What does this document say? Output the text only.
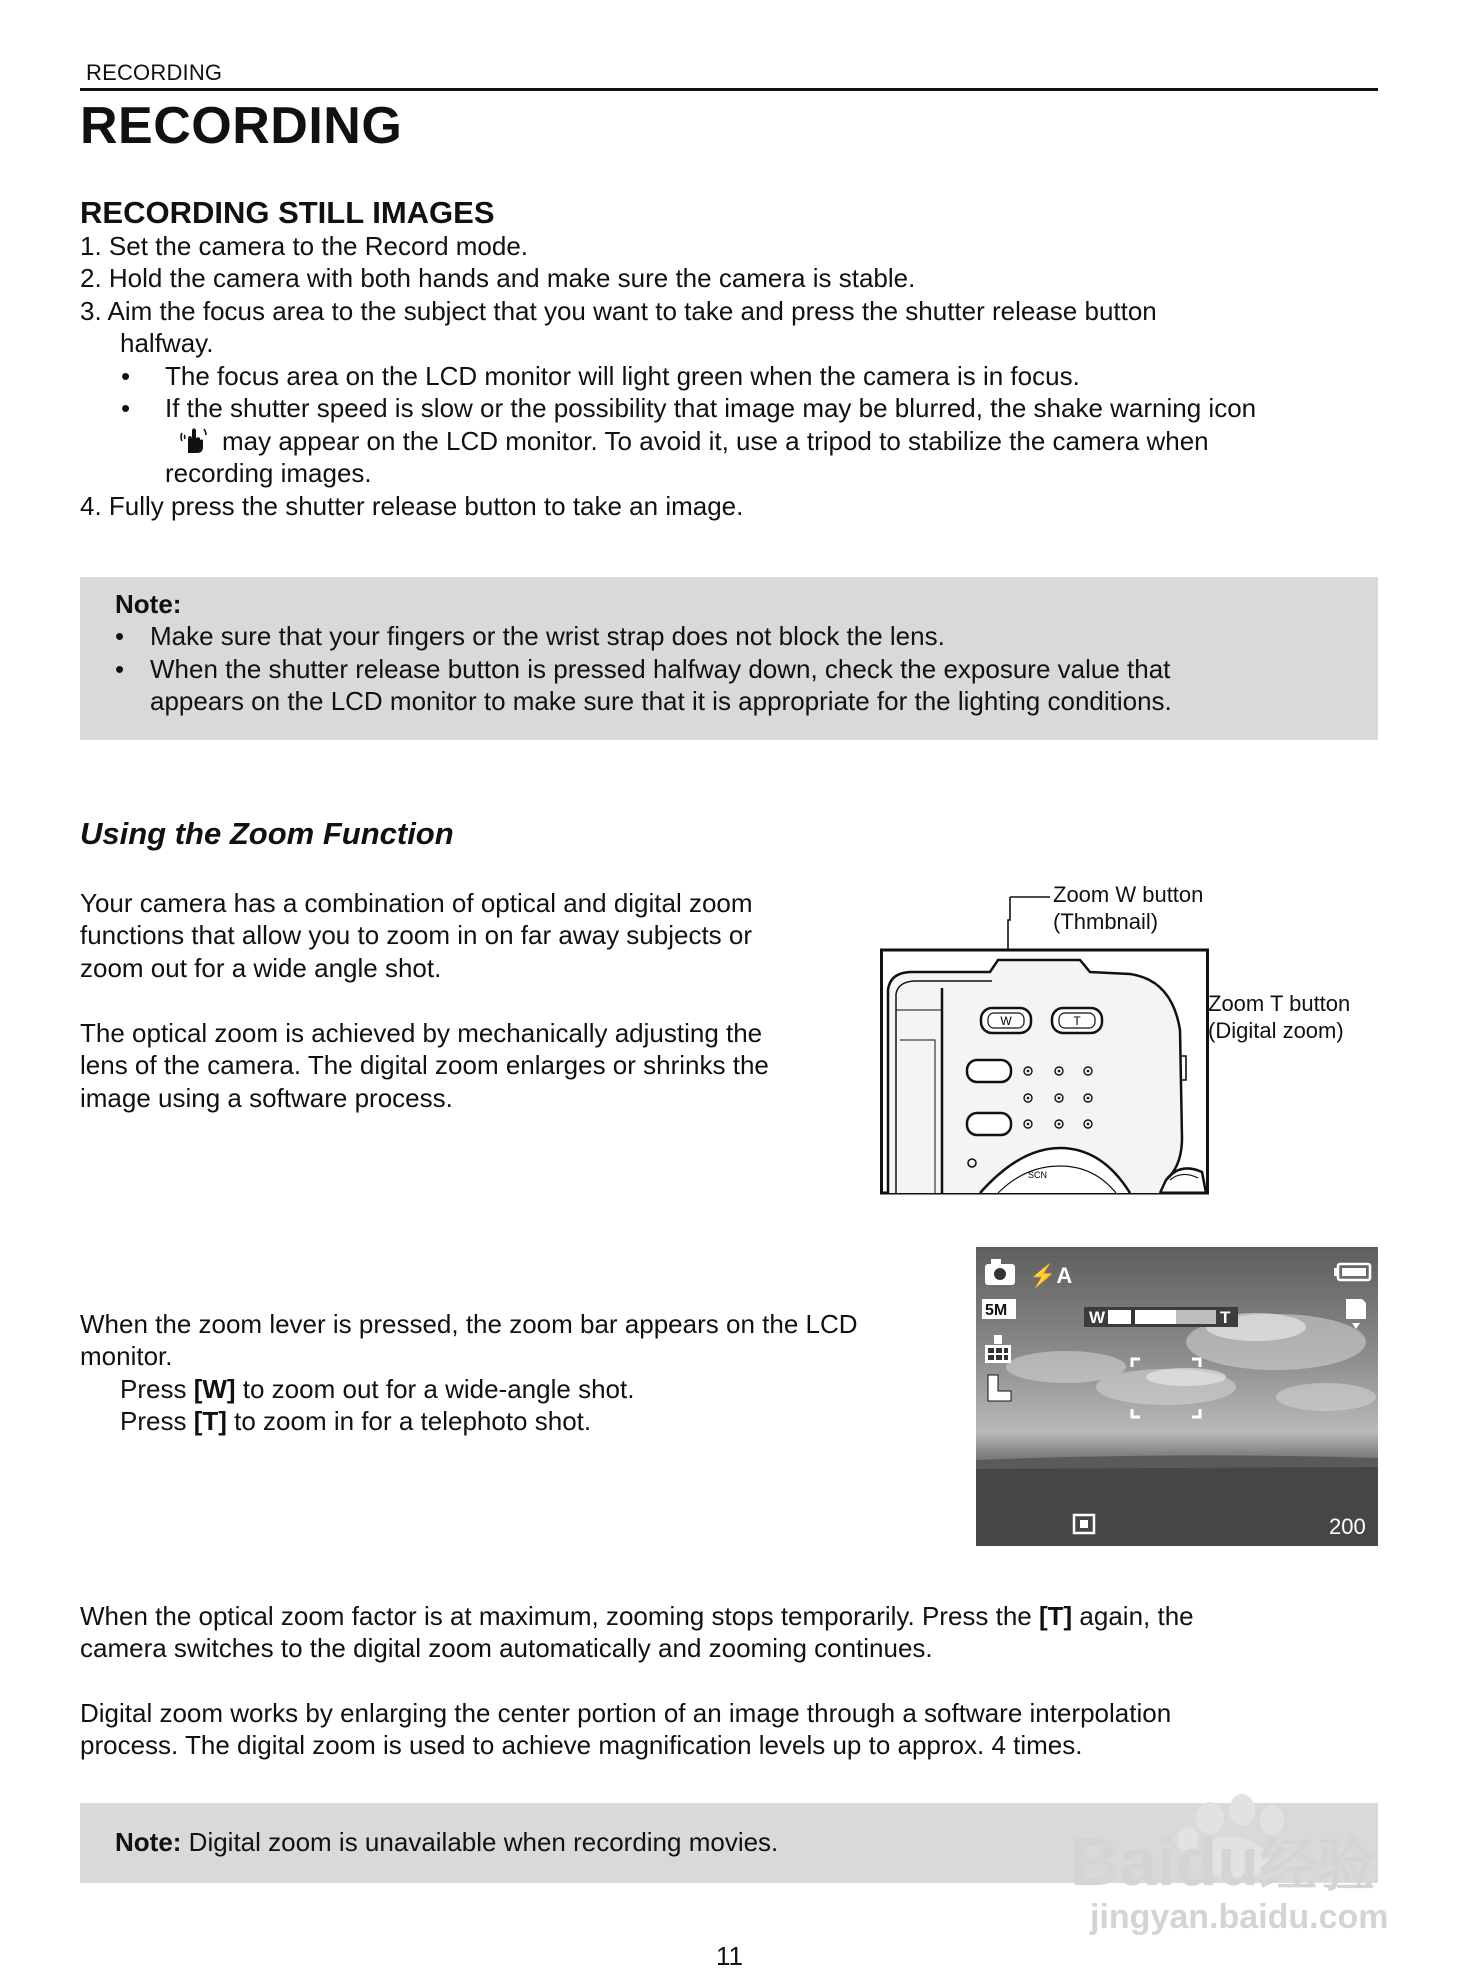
RECORDING
RECORDING
RECORDING STILL IMAGES
1. Set the camera to the Record mode.
2. Hold the camera with both hands and make sure the camera is stable.
3. Aim the focus area to the subject that you want to take and press the shutter release button
halfway.
• The focus area on the LCD monitor will light green when the camera is in focus.
• If the shutter speed is slow or the possibility that image may be blurred, the shake warning icon
may appear on the LCD monitor. To avoid it, use a tripod to stabilize the camera when
recording images.
4. Fully press the shutter release button to take an image.
Note:
• Make sure that your fingers or the wrist strap does not block the lens.
• When the shutter release button is pressed halfway down, check the exposure value that
appears on the LCD monitor to make sure that it is appropriate for the lighting conditions.
Using the Zoom Function
Your camera has a combination of optical and digital zoom
functions that allow you to zoom in on far away subjects or
zoom out for a wide angle shot.
The optical zoom is achieved by mechanically adjusting the
lens of the camera. The digital zoom enlarges or shrinks the
image using a software process.
Zoom W button
(Thmbnail)
Zoom T button
(Digital zoom)
W	T
SCN
When the zoom lever is pressed, the zoom bar appears on the LCD
monitor.
Press [W] to zoom out for a wide-angle shot.
Press [T] to zoom in for a telephoto shot.
⚡A
5M	W	T
200
When the optical zoom factor is at maximum, zooming stops temporarily. Press the [T] again, the
camera switches to the digital zoom automatically and zooming continues.
Digital zoom works by enlarging the center portion of an image through a software interpolation
process. The digital zoom is used to achieve magnification levels up to approx. 4 times.
Note: Digital zoom is unavailable when recording movies.
11
Baidu经验
jingyan.baidu.com
